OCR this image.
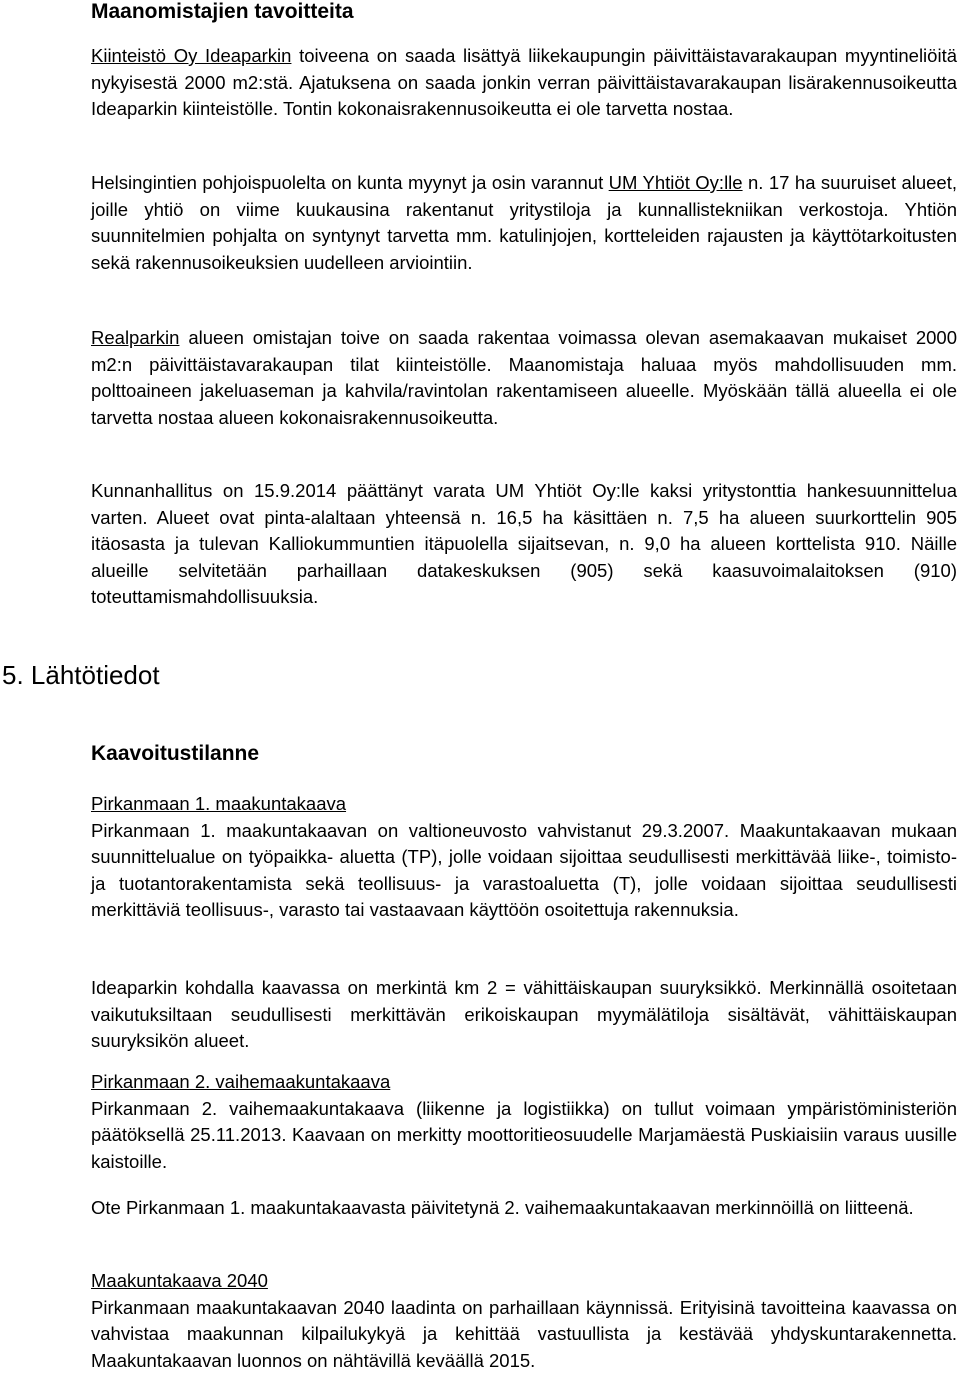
Maanomistajien tavoitteita

Kiinteistö Oy Ideaparkin toiveena on saada lisättyä liikekaupungin päivittäistavarakaupan myyntineliöitä nykyisestä 2000 m2:stä. Ajatuksena on saada jonkin verran päivittäistavarakaupan lisärakennusoikeutta Ideaparkin kiinteistölle. Tontin kokonaisrakennusoikeutta ei ole tarvetta nostaa.

Helsingintien pohjoispuolelta on kunta myynyt ja osin varannut UM Yhtiöt Oy:lle n. 17 ha suuruiset alueet, joille yhtiö on viime kuukausina rakentanut yritystiloja ja kunnallistekniikan verkostoja. Yhtiön suunnitelmien pohjalta on syntynyt tarvetta mm. katulinjojen, kortteleiden rajausten ja käyttötarkoitusten sekä rakennusoikeuksien uudelleen arviointiin.

Realparkin alueen omistajan toive on saada rakentaa voimassa olevan asemakaavan mukaiset 2000 m2:n päivittäistavarakaupan tilat kiinteistölle. Maanomistaja haluaa myös mahdollisuuden mm. polttoaineen jakeluaseman ja kahvila/ravintolan rakentamiseen alueelle. Myöskään tällä alueella ei ole tarvetta nostaa alueen kokonaisrakennusoikeutta.

Kunnanhallitus on 15.9.2014 päättänyt varata UM Yhtiöt Oy:lle kaksi yritystonttia hankesuunnittelua varten. Alueet ovat pinta-alaltaan yhteensä n. 16,5 ha käsittäen n. 7,5 ha alueen suurkorttelin 905 itäosasta ja tulevan Kalliokummuntien itäpuolella sijaitsevan, n. 9,0 ha alueen korttelista 910. Näille alueille selvitetään parhaillaan datakeskuksen (905) sekä kaasuvoimalaitoksen (910) toteuttamismahdollisuuksia.

5. Lähtötiedot
Kaavoitustilanne

Pirkanmaan 1. maakuntakaava

Pirkanmaan 1. maakuntakaavan on valtioneuvosto vahvistanut 29.3.2007. Maakuntakaavan mukaan suunnittelualue on työpaikka- aluetta (TP), jolle voidaan sijoittaa seudullisesti merkittävää liike-, toimisto- ja tuotantorakentamista sekä teollisuus- ja varastoaluetta (T), jolle voidaan sijoittaa seudullisesti merkittäviä teollisuus-, varasto tai vastaavaan käyttöön osoitettuja rakennuksia.

Ideaparkin kohdalla kaavassa on merkintä km 2 = vähittäiskaupan suuryksikkö. Merkinnällä osoitetaan vaikutuksiltaan seudullisesti merkittävän erikoiskaupan myymälätiloja sisältävät, vähittäiskaupan suuryksikön alueet.

Pirkanmaan 2. vaihemaakuntakaava

Pirkanmaan 2. vaihemaakuntakaava (liikenne ja logistiikka) on tullut voimaan ympäristöministeriön päätöksellä 25.11.2013. Kaavaan on merkitty moottoritieosuudelle Marjamäestä Puskiaisiin varaus uusille kaistoille.

Ote Pirkanmaan 1. maakuntakaavasta päivitetynä 2. vaihemaakuntakaavan merkinnöillä on liitteenä.

Maakuntakaava 2040

Pirkanmaan maakuntakaavan 2040 laadinta on parhaillaan käynnissä. Erityisinä tavoitteina kaavassa on vahvistaa maakunnan kilpailukykyä ja kehittää vastuullista ja kestävää yhdyskuntarakennetta. Maakuntakaavan luonnos on nähtävillä keväällä 2015.
